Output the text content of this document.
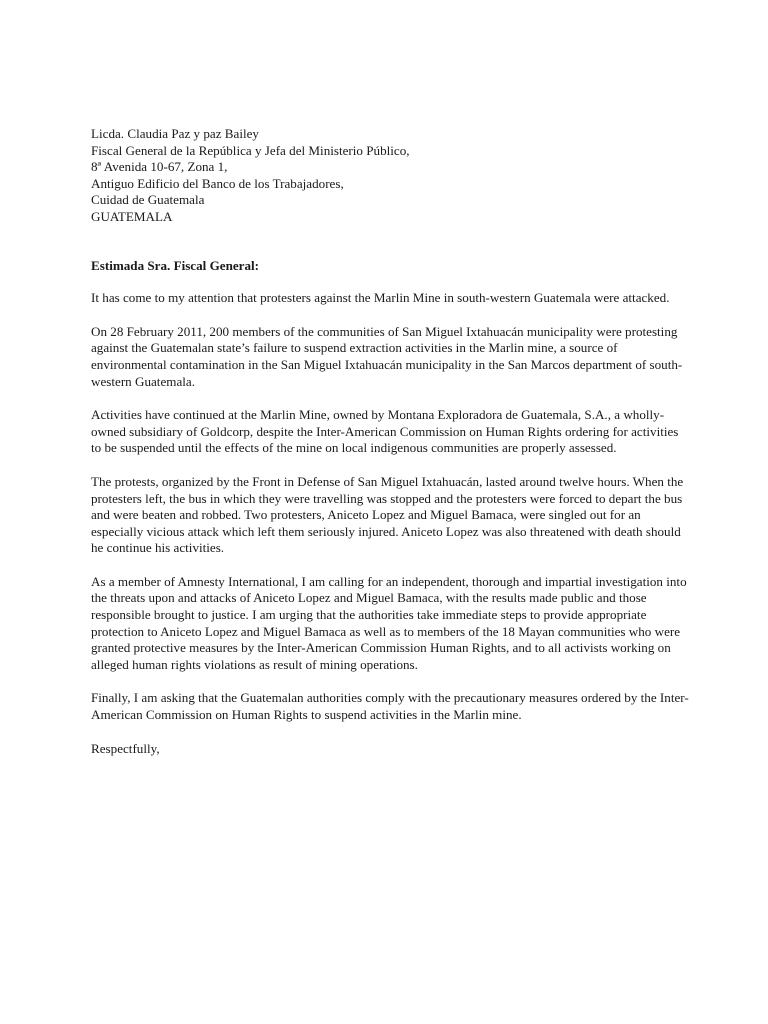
Licda. Claudia Paz y paz Bailey
Fiscal General de la República y Jefa del Ministerio Público,
8ª Avenida 10-67, Zona 1,
Antiguo Edificio del Banco de los Trabajadores,
Cuidad de Guatemala
GUATEMALA
Estimada Sra. Fiscal General:

It has come to my attention that protesters against the Marlin Mine in south-western Guatemala were attacked.

On 28 February 2011, 200 members of the communities of San Miguel Ixtahuacán municipality were protesting against the Guatemalan state’s failure to suspend extraction activities in the Marlin mine, a source of environmental contamination in the San Miguel Ixtahuacán municipality in the San Marcos department of south-western Guatemala.

Activities have continued at the Marlin Mine, owned by Montana Exploradora de Guatemala, S.A., a wholly-owned subsidiary of Goldcorp, despite the Inter-American Commission on Human Rights ordering for activities to be suspended until the effects of the mine on local indigenous communities are properly assessed.

The protests, organized by the Front in Defense of San Miguel Ixtahuacán, lasted around twelve hours. When the protesters left, the bus in which they were travelling was stopped and the protesters were forced to depart the bus and were beaten and robbed. Two protesters, Aniceto Lopez and Miguel Bamaca, were singled out for an especially vicious attack which left them seriously injured. Aniceto Lopez was also threatened with death should he continue his activities.

As a member of Amnesty International, I am calling for an independent, thorough and impartial investigation into the threats upon and attacks of Aniceto Lopez and Miguel Bamaca, with the results made public and those responsible brought to justice. I am urging that the authorities take immediate steps to provide appropriate protection to Aniceto Lopez and Miguel Bamaca as well as to members of the 18 Mayan communities who were granted protective measures by the Inter-American Commission Human Rights, and to all activists working on alleged human rights violations as result of mining operations.

Finally, I am asking that the Guatemalan authorities comply with the precautionary measures ordered by the Inter-American Commission on Human Rights to suspend activities in the Marlin mine.

Respectfully,
